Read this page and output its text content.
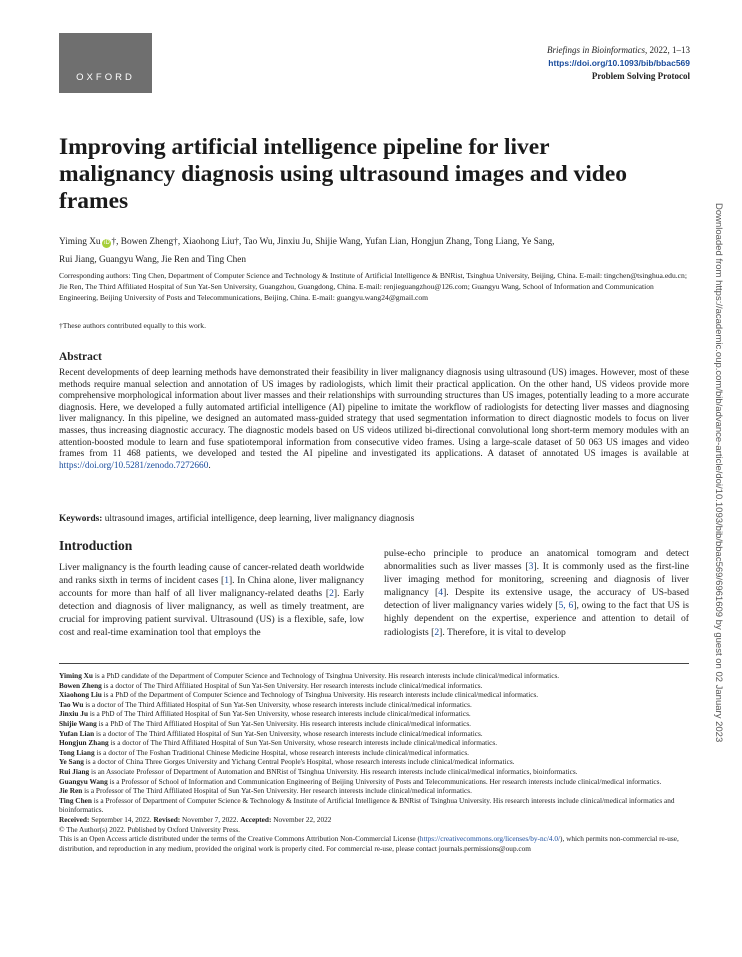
OXFORD
Briefings in Bioinformatics, 2022, 1–13
https://doi.org/10.1093/bib/bbac569
Problem Solving Protocol
Improving artificial intelligence pipeline for liver malignancy diagnosis using ultrasound images and video frames
Yiming Xu  iD †, Bowen Zheng†, Xiaohong Liu†, Tao Wu, Jinxiu Ju, Shijie Wang, Yufan Lian, Hongjun Zhang, Tong Liang, Ye Sang,
Rui Jiang, Guangyu Wang, Jie Ren and Ting Chen
Corresponding authors: Ting Chen, Department of Computer Science and Technology & Institute of Artificial Intelligence & BNRist, Tsinghua University, Beijing, China. E-mail: tingchen@tsinghua.edu.cn; Jie Ren, The Third Affiliated Hospital of Sun Yat-Sen University, Guangzhou, Guangdong, China. E-mail: renjieguangzhou@126.com; Guangyu Wang, School of Information and Communication Engineering, Beijing University of Posts and Telecommunications, Beijing, China. E-mail: guangyu.wang24@gmail.com
†These authors contributed equally to this work.
Abstract

Recent developments of deep learning methods have demonstrated their feasibility in liver malignancy diagnosis using ultrasound (US) images. However, most of these methods require manual selection and annotation of US images by radiologists, which limit their practical application. On the other hand, US videos provide more comprehensive morphological information about liver masses and their relationships with surrounding structures than US images, potentially leading to a more accurate diagnosis. Here, we developed a fully automated artificial intelligence (AI) pipeline to imitate the workflow of radiologists for detecting liver masses and diagnosing liver malignancy. In this pipeline, we designed an automated mass-guided strategy that used segmentation information to direct diagnostic models to focus on liver masses, thus increasing diagnostic accuracy. The diagnostic models based on US videos utilized bi-directional convolutional long short-term memory modules with an attention-boosted module to learn and fuse spatiotemporal information from consecutive video frames. Using a large-scale dataset of 50 063 US images and video frames from 11 468 patients, we developed and tested the AI pipeline and investigated its applications. A dataset of annotated US images is available at https://doi.org/10.5281/zenodo.7272660.

Keywords: ultrasound images, artificial intelligence, deep learning, liver malignancy diagnosis
Introduction

Liver malignancy is the fourth leading cause of cancer-related death worldwide and ranks sixth in terms of incident cases [1]. In China alone, liver malignancy accounts for more than half of all liver malignancy-related deaths [2]. Early detection and diagnosis of liver malignancy, as well as timely treatment, are crucial for improving patient survival. Ultrasound (US) is a flexible, safe, low cost and real-time examination tool that employs the

pulse-echo principle to produce an anatomical tomogram and detect abnormalities such as liver masses [3]. It is commonly used as the first-line liver imaging method for monitoring, screening and diagnosis of liver malignancy [4]. Despite its extensive usage, the accuracy of US-based detection of liver malignancy varies widely [5, 6], owing to the fact that US is highly dependent on the expertise, experience and attention to detail of radiologists [2]. Therefore, it is vital to develop

Yiming Xu is a PhD candidate of the Department of Computer Science and Technology of Tsinghua University. His research interests include clinical/medical informatics.

Bowen Zheng is a doctor of The Third Affiliated Hospital of Sun Yat-Sen University. Her research interests include clinical/medical informatics.

Xiaohong Liu is a PhD of the Department of Computer Science and Technology of Tsinghua University. His research interests include clinical/medical informatics.

Tao Wu is a doctor of The Third Affiliated Hospital of Sun Yat-Sen University, whose research interests include clinical/medical informatics.

Jinxiu Ju is a PhD of The Third Affiliated Hospital of Sun Yat-Sen University, whose research interests include clinical/medical informatics.

Shijie Wang is a PhD of The Third Affiliated Hospital of Sun Yat-Sen University. His research interests include clinical/medical informatics.

Yufan Lian is a doctor of The Third Affiliated Hospital of Sun Yat-Sen University, whose research interests include clinical/medical informatics.

Hongjun Zhang is a doctor of The Third Affiliated Hospital of Sun Yat-Sen University, whose research interests include clinical/medical informatics.

Tong Liang is a doctor of The Foshan Traditional Chinese Medicine Hospital, whose research interests include clinical/medical informatics.

Ye Sang is a doctor of China Three Gorges University and Yichang Central People's Hospital, whose research interests include clinical/medical informatics.

Rui Jiang is an Associate Professor of Department of Automation and BNRist of Tsinghua University. His research interests include clinical/medical informatics, bioinformatics.

Guangyu Wang is a Professor of School of Information and Communication Engineering of Beijing University of Posts and Telecommunications. Her research interests include clinical/medical informatics.

Jie Ren is a Professor of The Third Affiliated Hospital of Sun Yat-Sen University. Her research interests include clinical/medical informatics.

Ting Chen is a Professor of Department of Computer Science & Technology & Institute of Artificial Intelligence & BNRist of Tsinghua University. His research interests include clinical/medical informatics and bioinformatics.

Received: September 14, 2022. Revised: November 7, 2022. Accepted: November 22, 2022

© The Author(s) 2022. Published by Oxford University Press.

This is an Open Access article distributed under the terms of the Creative Commons Attribution Non-Commercial License (https://creativecommons.org/licenses/by-nc/4.0/), which permits non-commercial re-use, distribution, and reproduction in any medium, provided the original work is properly cited. For commercial re-use, please contact journals.permissions@oup.com

Downloaded from https://academic.oup.com/bib/advance-article/doi/10.1093/bib/bbac569/6961609 by guest on 02 January 2023
